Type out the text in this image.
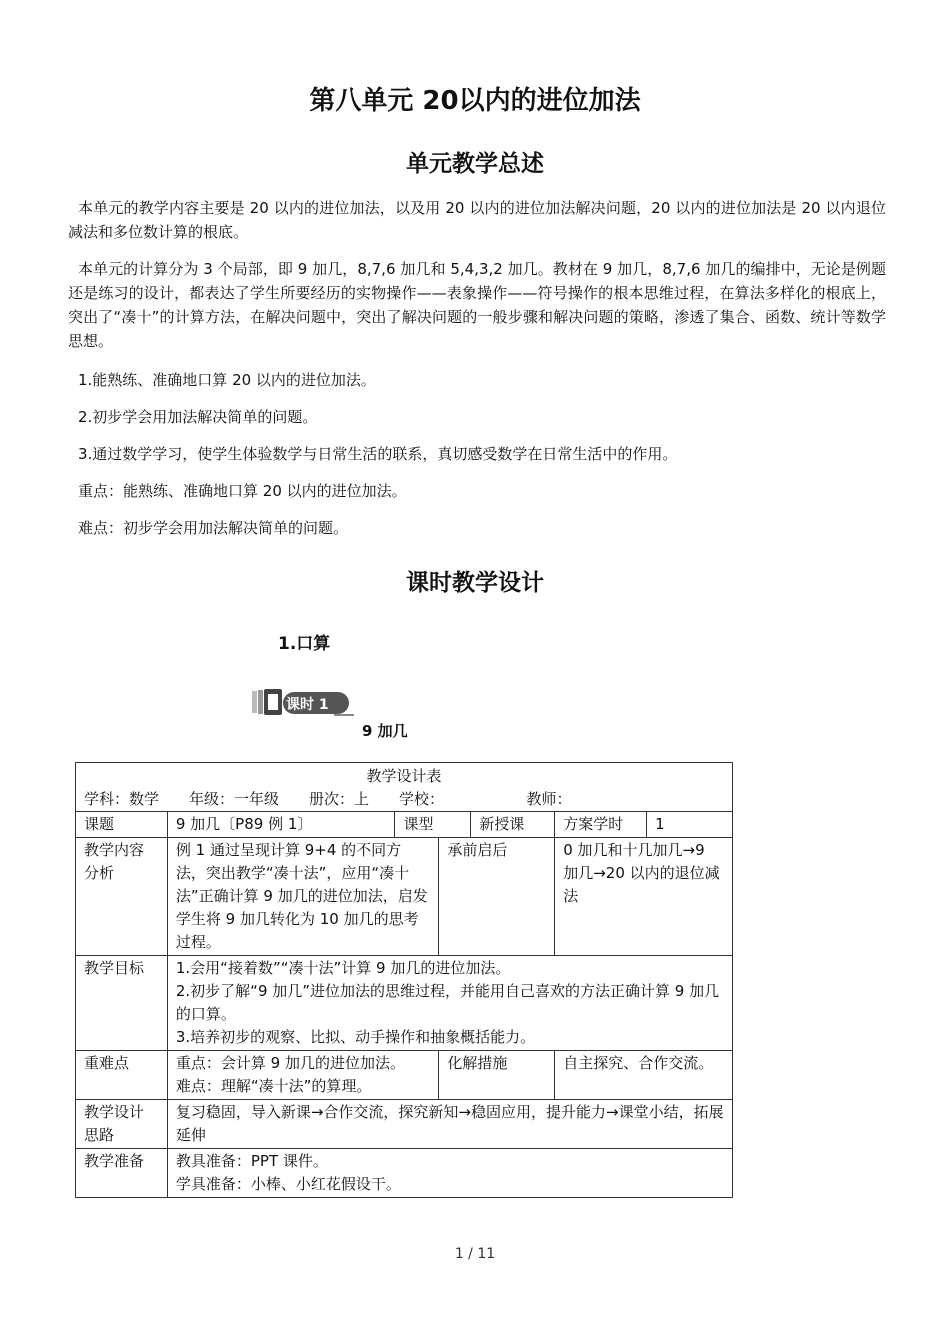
第八单元 20以内的进位加法
单元教学总述

本单元的教学内容主要是 20 以内的进位加法，以及用 20 以内的进位加法解决问题，20 以内的进位加法是 20 以内退位减法和多位数计算的根底。

本单元的计算分为 3 个局部，即 9 加几，8,7,6 加几和 5,4,3,2 加几。教材在 9 加几，8,7,6 加几的编排中，无论是例题还是练习的设计，都表达了学生所要经历的实物操作——表象操作——符号操作的根本思维过程，在算法多样化的根底上，突出了“凑十”的计算方法，在解决问题中，突出了解决问题的一般步骤和解决问题的策略，渗透了集合、函数、统计等数学思想。

1.能熟练、准确地口算 20 以内的进位加法。

2.初步学会用加法解决简单的问题。

3.通过数学学习，使学生体验数学与日常生活的联系，真切感受数学在日常生活中的作用。

重点：能熟练、准确地口算 20 以内的进位加法。

难点：初步学会用加法解决简单的问题。

课时教学设计
1.口算
课时 1
9 加几
教学设计表
学科：数学　　年级：一年级　　册次：上　　学校：　　　　　　教师：						

课题	9 加几〔P89 例 1〕	课型		新授课	方案学时	1
教学内容分析	例 1 通过呈现计算 9+4 的不同方法，突出教学“凑十法”，应用“凑十法”正确计算 9 加几的进位加法，启发学生将 9 加几转化为 10 加几的思考过程。		承前启后		0 加几和十几加几→9 加几→20 以内的退位减法	
教学目标	1.会用“接着数”“凑十法”计算 9 加几的进位加法。
2.初步了解“9 加几”进位加法的思维过程，并能用自己喜欢的方法正确计算 9 加几的口算。
3.培养初步的观察、比拟、动手操作和抽象概括能力。					

重难点	重点：会计算 9 加几的进位加法。
难点：理解“凑十法”的算理。		化解措施		自主探究、合作交流。	
教学设计思路	复习稳固，导入新课→合作交流，探究新知→稳固应用，提升能力→课堂小结，拓展延伸					
教学准备	教具准备：PPT 课件。
学具准备：小棒、小红花假设干。					
1 / 11
